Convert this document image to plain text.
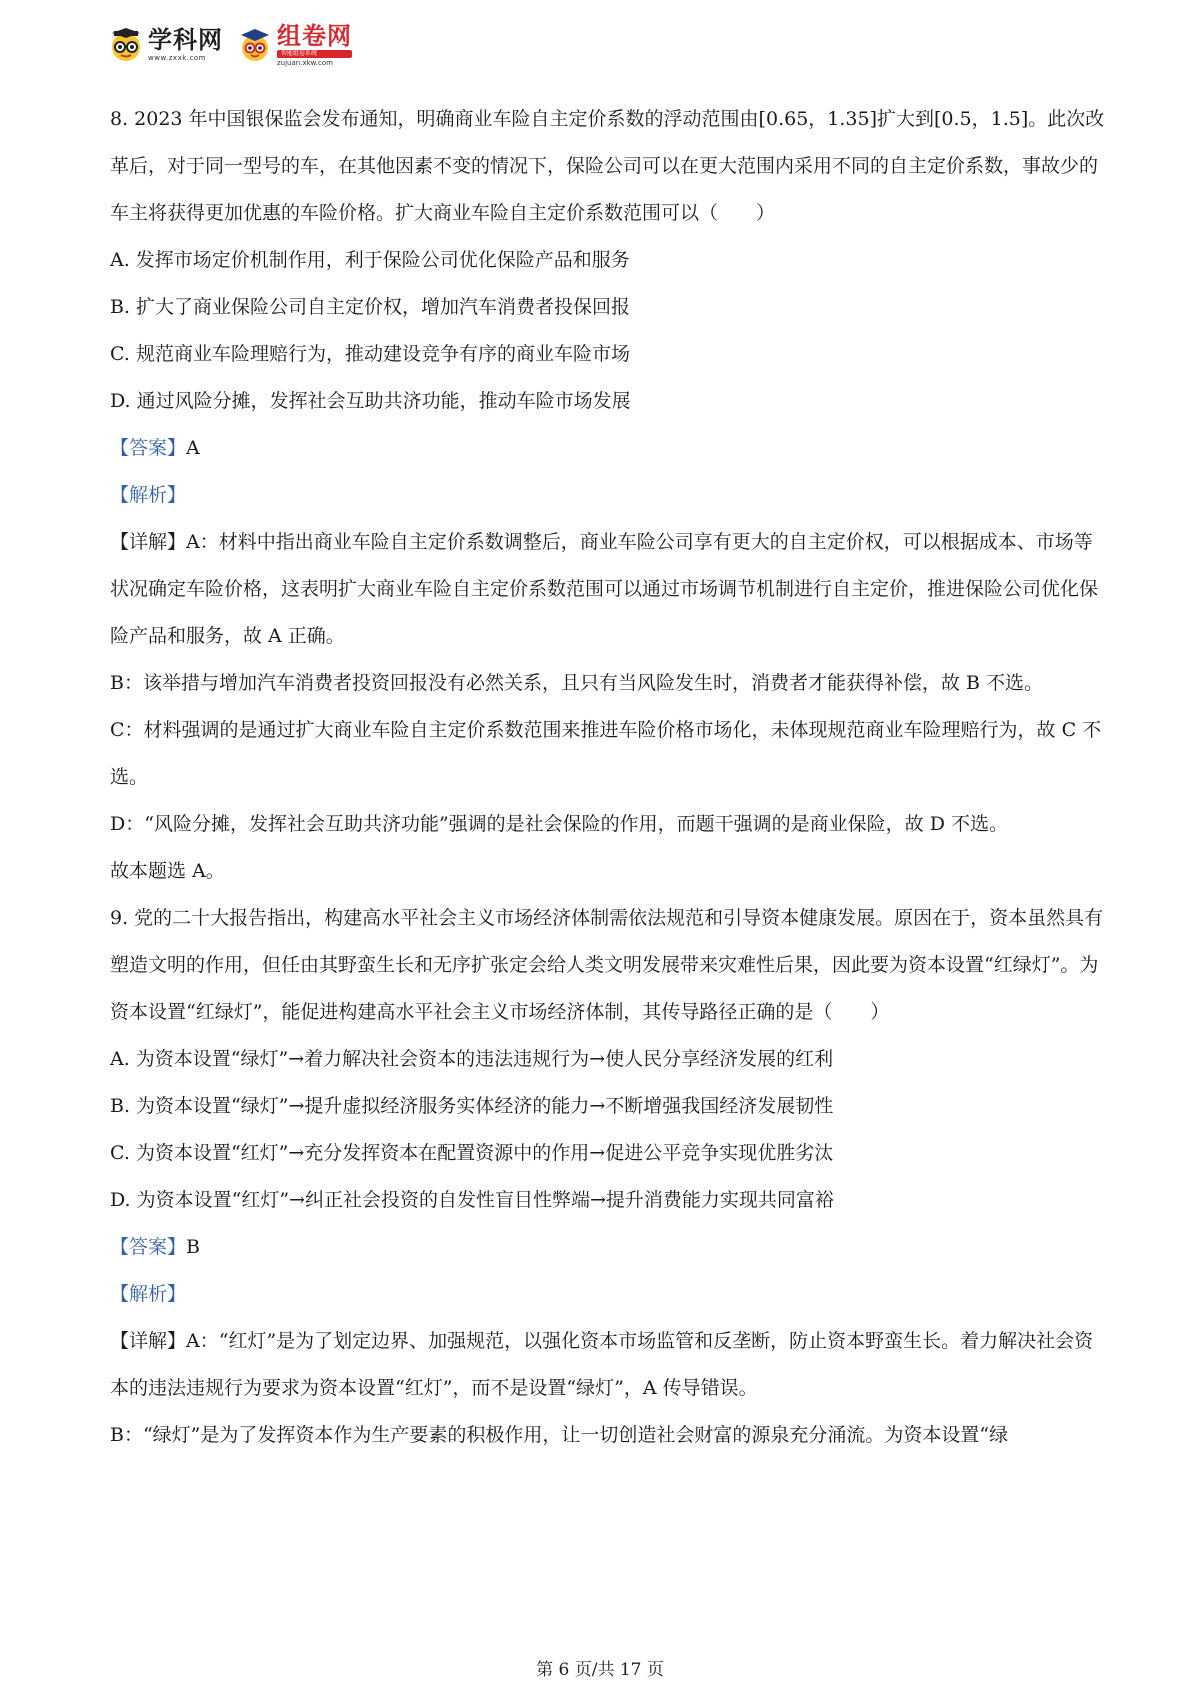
学科网
www.zxxk.com
组卷网
智能组卷系统
zujuan.xkw.com

8. 2023 年中国银保监会发布通知，明确商业车险自主定价系数的浮动范围由[0.65，1.35]扩大到[0.5，1.5]。此次改革后，对于同一型号的车，在其他因素不变的情况下，保险公司可以在更大范围内采用不同的自主定价系数，事故少的车主将获得更加优惠的车险价格。扩大商业车险自主定价系数范围可以（　　）

A. 发挥市场定价机制作用，利于保险公司优化保险产品和服务

B. 扩大了商业保险公司自主定价权，增加汽车消费者投保回报

C. 规范商业车险理赔行为，推动建设竞争有序的商业车险市场

D. 通过风险分摊，发挥社会互助共济功能，推动车险市场发展

【答案】A

【解析】

【详解】A：材料中指出商业车险自主定价系数调整后，商业车险公司享有更大的自主定价权，可以根据成本、市场等状况确定车险价格，这表明扩大商业车险自主定价系数范围可以通过市场调节机制进行自主定价，推进保险公司优化保险产品和服务，故 A 正确。

B：该举措与增加汽车消费者投资回报没有必然关系，且只有当风险发生时，消费者才能获得补偿，故 B 不选。

C：材料强调的是通过扩大商业车险自主定价系数范围来推进车险价格市场化，未体现规范商业车险理赔行为，故 C 不选。

D：“风险分摊，发挥社会互助共济功能”强调的是社会保险的作用，而题干强调的是商业保险，故 D 不选。

故本题选 A。

9. 党的二十大报告指出，构建高水平社会主义市场经济体制需依法规范和引导资本健康发展。原因在于，资本虽然具有塑造文明的作用，但任由其野蛮生长和无序扩张定会给人类文明发展带来灾难性后果，因此要为资本设置“红绿灯”。为资本设置“红绿灯”，能促进构建高水平社会主义市场经济体制，其传导路径正确的是（　　）

A. 为资本设置“绿灯”→着力解决社会资本的违法违规行为→使人民分享经济发展的红利

B. 为资本设置“绿灯”→提升虚拟经济服务实体经济的能力→不断增强我国经济发展韧性

C. 为资本设置“红灯”→充分发挥资本在配置资源中的作用→促进公平竞争实现优胜劣汰

D. 为资本设置“红灯”→纠正社会投资的自发性盲目性弊端→提升消费能力实现共同富裕

【答案】B

【解析】

【详解】A：“红灯”是为了划定边界、加强规范，以强化资本市场监管和反垄断，防止资本野蛮生长。着力解决社会资本的违法违规行为要求为资本设置“红灯”，而不是设置“绿灯”，A 传导错误。

B：“绿灯”是为了发挥资本作为生产要素的积极作用，让一切创造社会财富的源泉充分涌流。为资本设置“绿

第 6 页/共 17 页
